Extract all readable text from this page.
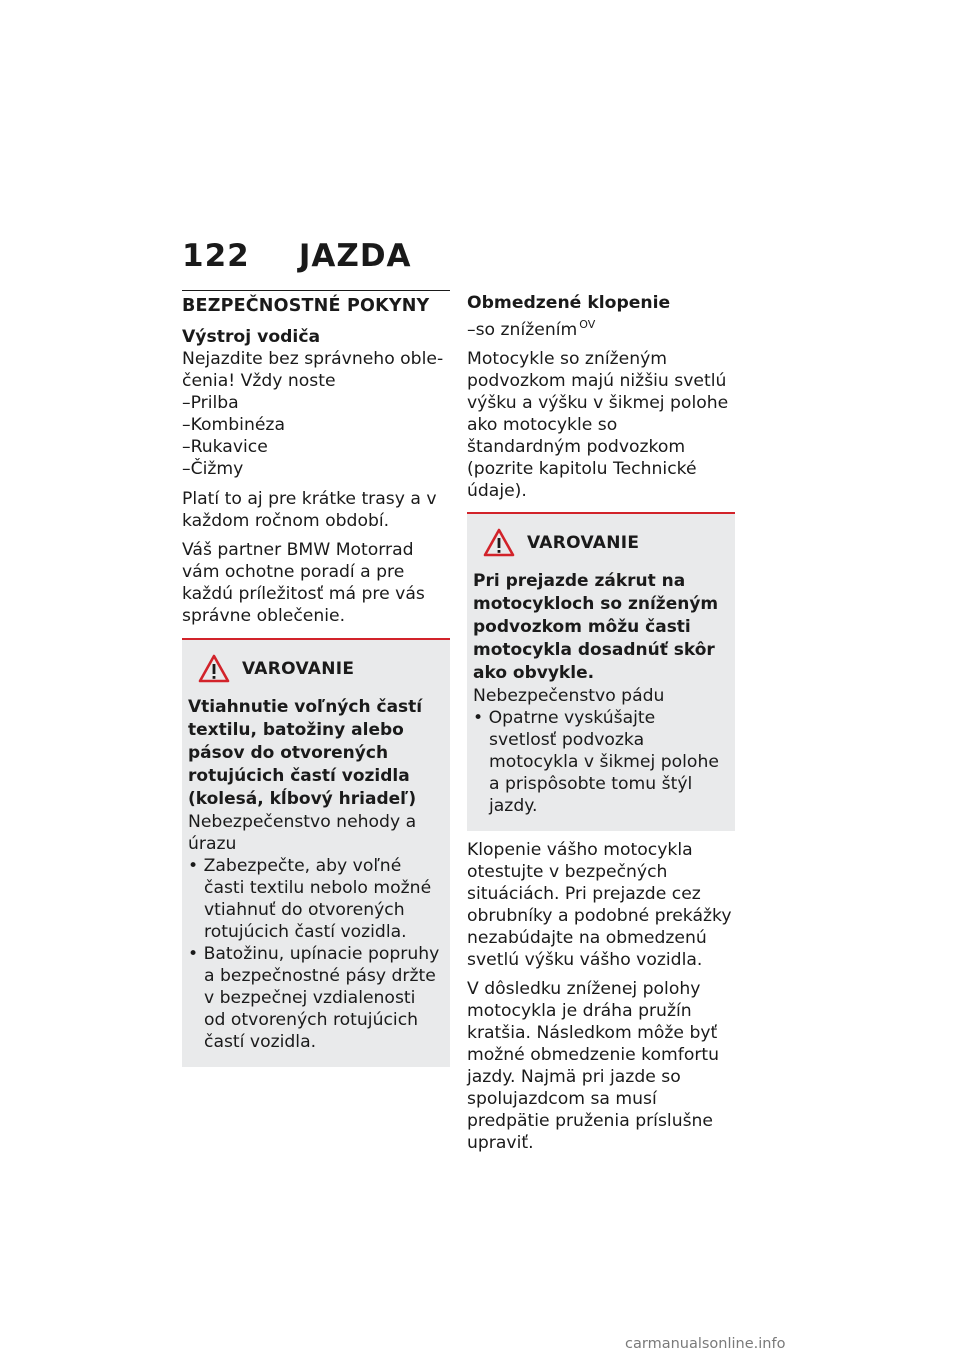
122 JAZDA
BEZPEČNOSTNÉ POKYNY
Výstroj vodiča

Nejazdite bez správneho oblečenia! Vždy noste

– Prilba
– Kombinéza
– Rukavice
– Čižmy

Platí to aj pre krátke trasy a v každom ročnom období.

Váš partner BMW Motorrad vám ochotne poradí a pre každú príležitosť má pre vás správne oblečenie.

VAROVANIE

Vtiahnutie voľných častí textilu, batožiny alebo pásov do otvorených rotujúcich častí vozidla (kolesá, kĺbový hriadeľ)

Nebezpečenstvo nehody a úrazu

• Zabezpečte, aby voľné časti textilu nebolo možné vtiahnuť do otvorených rotujúcich častí vozidla.
• Batožinu, upínacie popruhy a bezpečnostné pásy držte v bezpečnej vzdialenosti od otvorených rotujúcich častí vozidla.
Obmedzené klopenie

–so znížením $^{OV}$

Motocykle so zníženým podvozkom majú nižšiu svetlú výšku a výšku v šikmej polohe ako motocykle so štandardným podvozkom (pozrite kapitolu Technické údaje).

VAROVANIE

Pri prejazde zákrut na motocykloch so zníženým podvozkom môžu časti motocykla dosadnúť skôr ako obvykle.

Nebezpečenstvo pádu

• Opatrne vyskúšajte svetlosť podvozka motocykla v šikmej polohe a prispôsobte tomu štýl jazdy.

Klopenie vášho motocykla otestujte v bezpečných situáciách. Pri prejazde cez obrubníky a podobné prekážky nezabúdajte na obmedzenú svetlú výšku vášho vozidla.

V dôsledku zníženej polohy motocykla je dráha pružín kratšia. Následkom môže byť možné obmedzenie komfortu jazdy. Najmä pri jazde so spolujazdcom sa musí predpätie pruženia príslušne upraviť.

carmanualsonline.info
